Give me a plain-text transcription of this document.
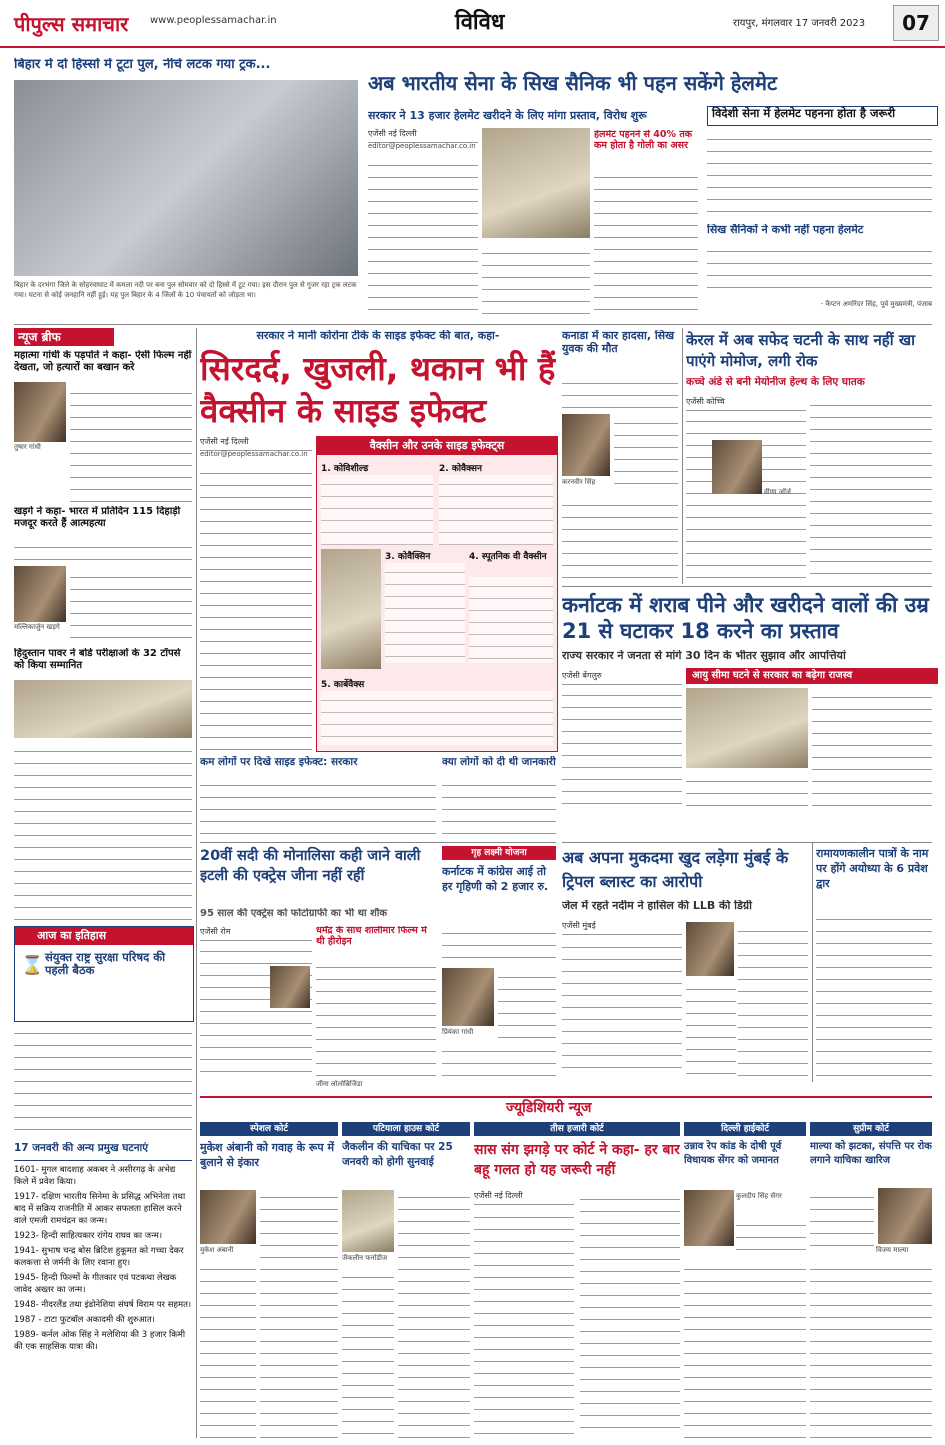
पीपुल्स समाचार www.peoplessamachar.in	विविध	रायपुर, मंगलवार 17 जनवरी 2023	07
बिहार में दो हिस्सों में टूटा पुल, नीचे लटक गया ट्रक...
बिहार के दरभंगा जिले के सोहरवाघाट में कमला नदी पर बना पुल सोमवार को दो हिस्से में टूट गया। इस दौरान पुल से गुजर रहा ट्रक लटक गया। घटना से कोई जनहानि नहीं हुई। यह पुल बिहार के 4 जिलों के 10 पंचायतों को जोड़ता था।
अब भारतीय सेना के सिख सैनिक भी पहन सकेंगे हेलमेट
सरकार ने 13 हजार हेलमेट खरीदने के लिए मांगा प्रस्ताव, विरोध शुरू
एजेंसी नई दिल्ली
editor@peoplessamachar.co.in
हेलमेट पहनने से 40% तक कम होता है गोली का असर
विदेशी सेना में हेलमेट पहनना होता है जरूरी
सिख सैनिकों ने कभी नहीं पहना हेलमेट
- कैप्टन अमरिंदर सिंह, पूर्व मुख्यमंत्री, पंजाब
न्यूज ब्रीफ
महात्मा गांधी के पड़पोते ने कहा- ऐसी फिल्म नहीं देखता, जो हत्यारों का बखान करे
तुषार गांधी
खड़गे ने कहा- भारत में प्रतिदिन 115 दिहाड़ी मजदूर करते हैं आत्महत्या
मल्लिकार्जुन खड़गे
हिंदुस्तान पावर ने बोर्ड परीक्षाओं के 32 टॉपर्स को किया सम्मानित
आज का इतिहास
संयुक्त राष्ट्र सुरक्षा परिषद की पहली बैठक
⌛
17 जनवरी की अन्य प्रमुख घटनाएं
1601- मुगल बादशाह अकबर ने असीरगढ़ के अभेद्य किले में प्रवेश किया।
1917- दक्षिण भारतीय सिनेमा के प्रसिद्ध अभिनेता तथा बाद में सक्रिय राजनीति में आकर सफलता हासिल करने वाले एमजी रामचंद्रन का जन्म।
1923- हिन्दी साहित्यकार रांगेय राघव का जन्म।
1941- सुभाष चन्द्र बोस ब्रिटिश हुकूमत को गच्चा देकर कलकत्ता से जर्मनी के लिए रवाना हुए।
1945- हिन्दी फिल्मों के गीतकार एवं पटकथा लेखक जावेद अख्तर का जन्म।
1948- नीदरलैंड तथा इंडोनेशिया संघर्ष विराम पर सहमत।
1987 - टाटा फुटबॉल अकादमी की शुरुआत।
1989- कर्नल ओक सिंह ने मलेशिया की 3 हजार किमी की एक साहसिक यात्रा की।
सरकार ने मानी कोरोना टीके के साइड इफेक्ट की बात, कहा-
सिरदर्द, खुजली, थकान भी हैं वैक्सीन के साइड इफेक्ट
एजेंसी नई दिल्ली
editor@peoplessamachar.co.in
वैक्सीन और उनके साइड इफेक्ट्स
1. कोविशील्ड	2. कोवैक्सन
3. कोवैक्सिन	4. स्पूतनिक वी वैक्सीन
5. कार्बेवैक्स
कम लोगों पर दिखे साइड इफेक्ट: सरकार	क्या लोगों को दी थी जानकारी
कनाडा में कार हादसा, सिख युवक की मौत
करनवीर सिंह
केरल में अब सफेद चटनी के साथ नहीं खा पाएंगे मोमोज, लगी रोक
कच्चे अंडे से बनी मेयोनीज हेल्थ के लिए घातक
एजेंसी कोच्चि
वीणा जॉर्ज
कर्नाटक में शराब पीने और खरीदने वालों की उम्र 21 से घटाकर 18 करने का प्रस्ताव
राज्य सरकार ने जनता से मांगे 30 दिन के भीतर सुझाव और आपत्तियां
एजेंसी बेंगलुरु	आयु सीमा घटने से सरकार का बढ़ेगा राजस्व
20वीं सदी की मोनालिसा कही जाने वाली इटली की एक्ट्रेस जीना नहीं रहीं
95 साल की एक्ट्रेस को फोटोग्राफी का भी था शौक
एजेंसी रोम	धर्मेंद्र के साथ शालीमार फिल्म में थी हीरोइन
जीना लोलोब्रिजिडा
गृह लक्ष्मी योजना
कर्नाटक में कांग्रेस आई तो हर गृहिणी को 2 हजार रु.
प्रियंका गांधी
अब अपना मुकदमा खुद लड़ेगा मुंबई के ट्रिपल ब्लास्ट का आरोपी
जेल में रहते नदीम ने हासिल की LLB की डिग्री
एजेंसी मुंबई
रामायणकालीन पात्रों के नाम पर होंगे अयोध्या के 6 प्रवेश द्वार
ज्यूडिशियरी न्यूज
स्पेशल कोर्ट
मुकेश अंबानी को गवाह के रूप में बुलाने से इंकार
मुकेश अंबानी
पटियाला हाउस कोर्ट
जैकलीन की याचिका पर 25 जनवरी को होगी सुनवाई
जैकलीन फर्नांडीज
तीस हजारी कोर्ट
सास संग झगड़े पर कोर्ट ने कहा- हर बार बहू गलत हो यह जरूरी नहीं
एजेंसी नई दिल्ली
दिल्ली हाईकोर्ट
उन्नाव रेप कांड के दोषी पूर्व विधायक सेंगर को जमानत
कुलदीप सिंह सेंगर
सुप्रीम कोर्ट
माल्या को झटका, संपत्ति पर रोक लगाने याचिका खारिज
विजय माल्या
